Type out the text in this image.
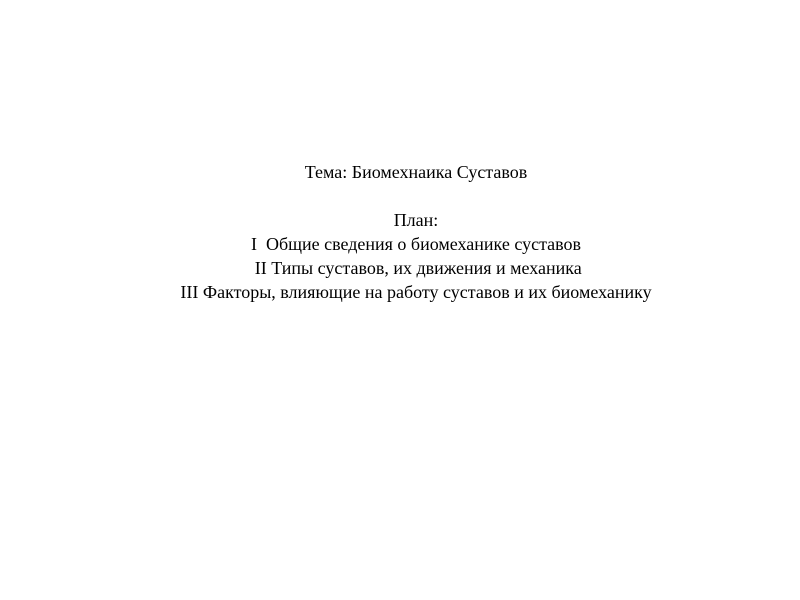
Тема: Биомехнаика Суставов
План:
I  Общие сведения о биомеханике суставов
II Типы суставов, их движения и механика
III Факторы, влияющие на работу суставов и их биомеханику
